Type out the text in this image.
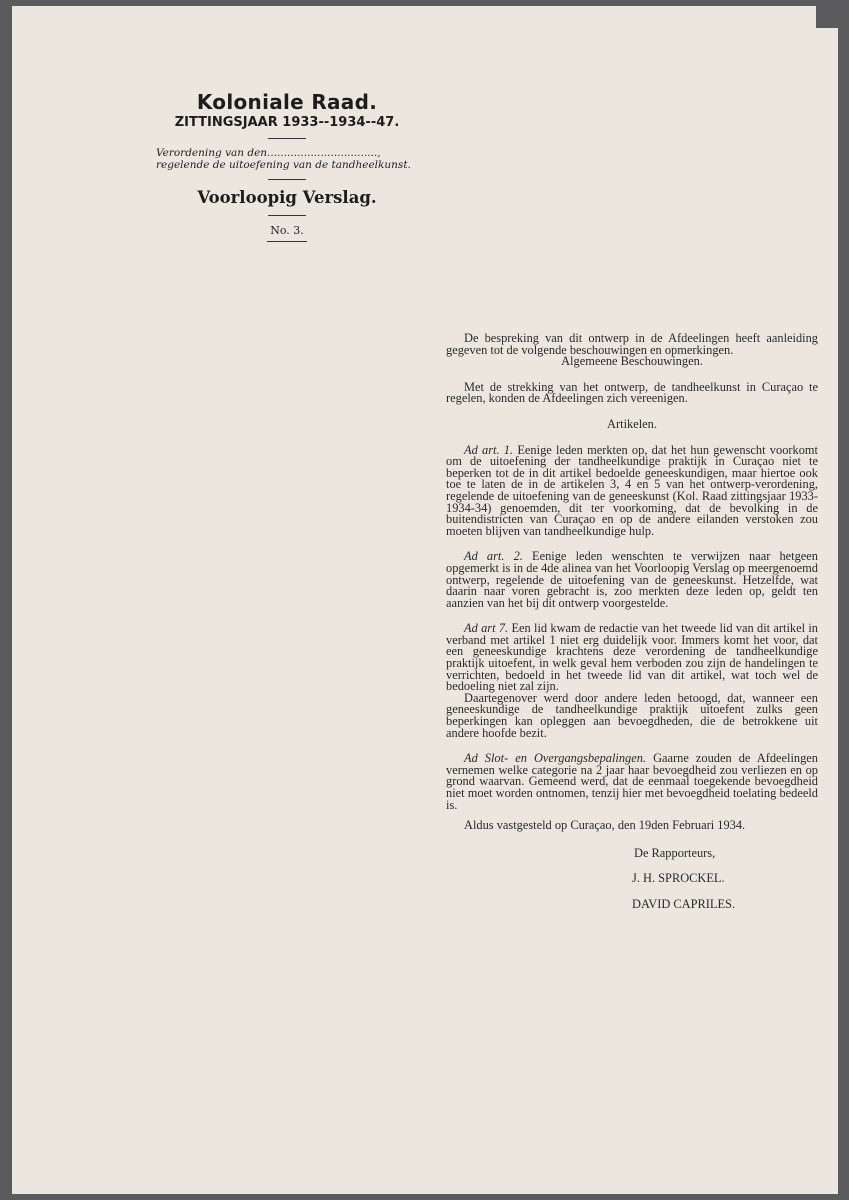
Koloniale Raad.
ZITTINGSJAAR 1933--1934--47.
Verordening van den................................., regelende de uitoefening van de tandheelkunst.
Voorloopig Verslag.
No. 3.

De bespreking van dit ontwerp in de Afdeelingen heeft aanleiding gegeven tot de volgende beschouwingen en opmerkingen.

Algemeene Beschouwingen.

Met de strekking van het ontwerp, de tandheelkunst in Curaçao te regelen, konden de Afdeelingen zich vereenigen.

Artikelen.

Ad art. 1. Eenige leden merkten op, dat het hun gewenscht voorkomt om de uitoefening der tandheelkundige praktijk in Curaçao niet te beperken tot de in dit artikel bedoelde geneeskundigen, maar hiertoe ook toe te laten de in de artikelen 3, 4 en 5 van het ontwerp-verordening, regelende de uitoefening van de geneeskunst (Kol. Raad zittingsjaar 1933-1934-34) genoemden, dit ter voorkoming, dat de bevolking in de buitendistricten van Curaçao en op de andere eilanden verstoken zou moeten blijven van tandheelkundige hulp.

Ad art. 2. Eenige leden wenschten te verwijzen naar hetgeen opgemerkt is in de 4de alinea van het Voorloopig Verslag op meergenoemd ontwerp, regelende de uitoefening van de geneeskunst. Hetzelfde, wat daarin naar voren gebracht is, zoo merkten deze leden op, geldt ten aanzien van het bij dit ontwerp voorgestelde.

Ad art 7. Een lid kwam de redactie van het tweede lid van dit artikel in verband met artikel 1 niet erg duidelijk voor. Immers komt het voor, dat een geneeskundige krachtens deze verordening de tandheelkundige praktijk uitoefent, in welk geval hem verboden zou zijn de handelingen te verrichten, bedoeld in het tweede lid van dit artikel, wat toch wel de bedoeling niet zal zijn.

Daartegenover werd door andere leden betoogd, dat, wanneer een geneeskundige de tandheelkundige praktijk uitoefent zulks geen beperkingen kan opleggen aan bevoegdheden, die de betrokkene uit andere hoofde bezit.

Ad Slot- en Overgangsbepalingen. Gaarne zouden de Afdeelingen vernemen welke categorie na 2 jaar haar bevoegdheid zou verliezen en op grond waarvan. Gemeend werd, dat de eenmaal toegekende bevoegdheid niet moet worden ontnomen, tenzij hier met bevoegdheid toelating bedeeld is.

Aldus vastgesteld op Curaçao, den 19den Februari 1934.

De Rapporteurs,

J. H. SPROCKEL.

DAVID CAPRILES.
